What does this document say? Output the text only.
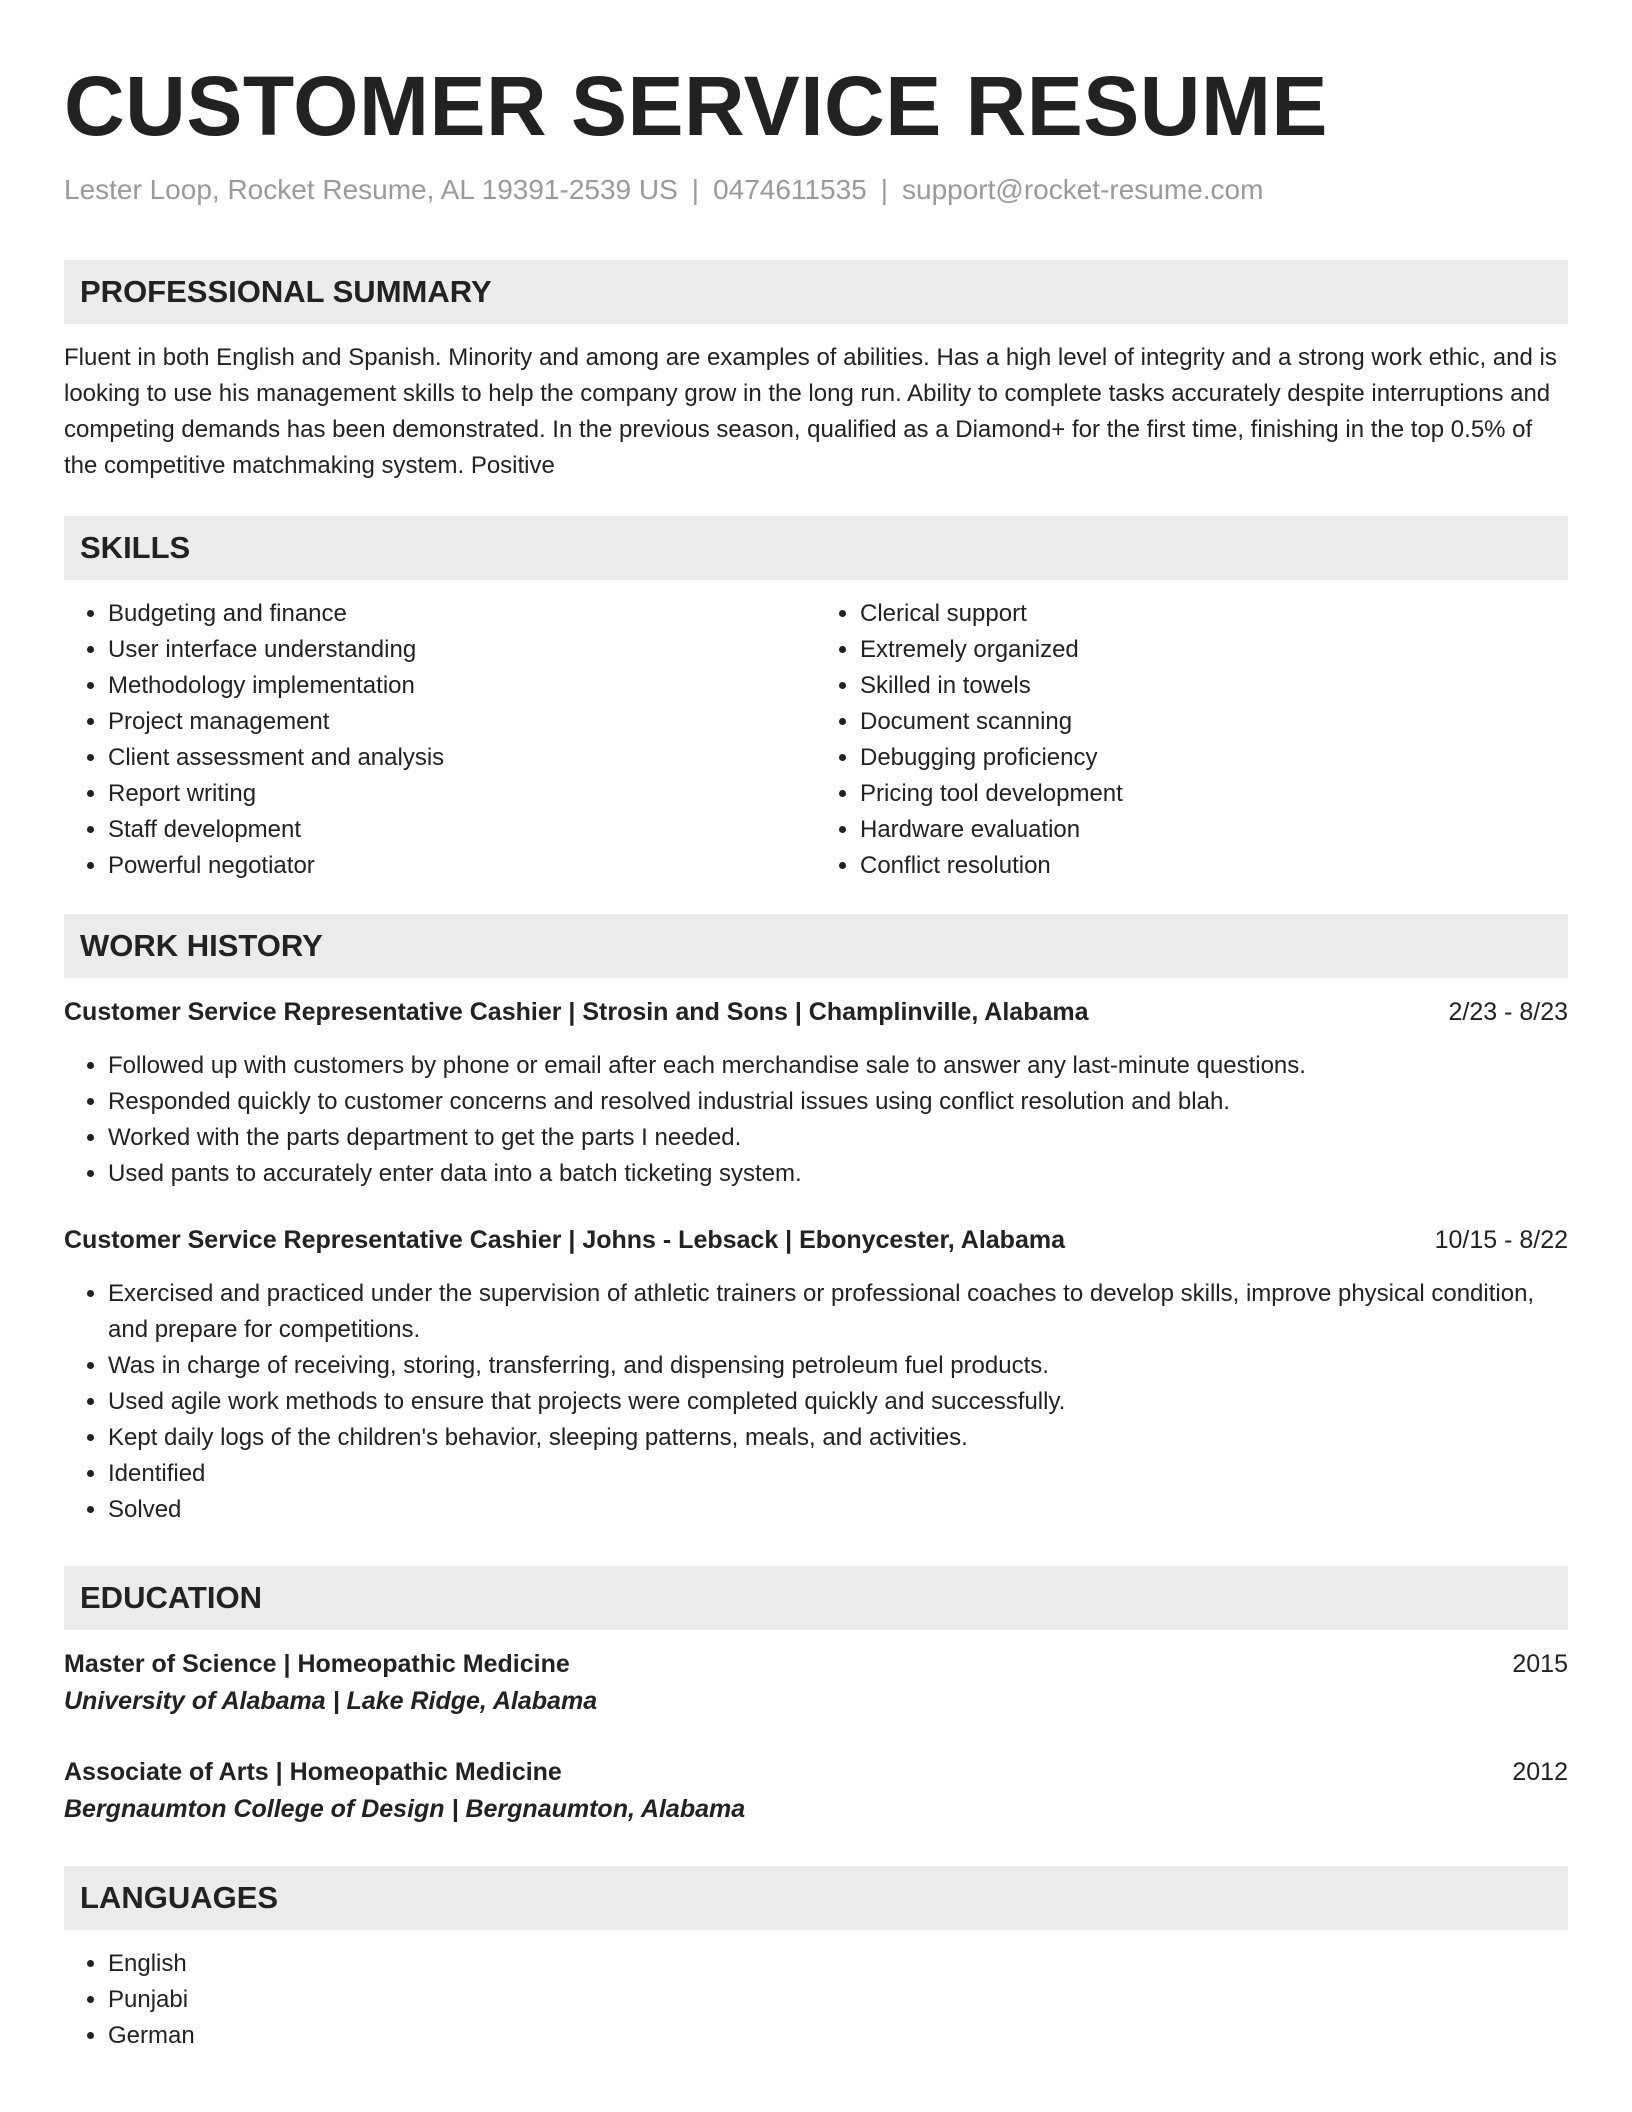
CUSTOMER SERVICE RESUME
Lester Loop, Rocket Resume, AL 19391-2539 US | 0474611535 | support@rocket-resume.com
PROFESSIONAL SUMMARY

Fluent in both English and Spanish. Minority and among are examples of abilities. Has a high level of integrity and a strong work ethic, and is looking to use his management skills to help the company grow in the long run. Ability to complete tasks accurately despite interruptions and competing demands has been demonstrated. In the previous season, qualified as a Diamond+ for the first time, finishing in the top 0.5% of the competitive matchmaking system. Positive

SKILLS
• Budgeting and finance
• User interface understanding
• Methodology implementation
• Project management
• Client assessment and analysis
• Report writing
• Staff development
• Powerful negotiator
• Clerical support
• Extremely organized
• Skilled in towels
• Document scanning
• Debugging proficiency
• Pricing tool development
• Hardware evaluation
• Conflict resolution
WORK HISTORY
Customer Service Representative Cashier | Strosin and Sons | Champlinville, Alabama	2/23 - 8/23
• Followed up with customers by phone or email after each merchandise sale to answer any last-minute questions.
• Responded quickly to customer concerns and resolved industrial issues using conflict resolution and blah.
• Worked with the parts department to get the parts I needed.
• Used pants to accurately enter data into a batch ticketing system.
Customer Service Representative Cashier | Johns - Lebsack | Ebonycester, Alabama	10/15 - 8/22
• Exercised and practiced under the supervision of athletic trainers or professional coaches to develop skills, improve physical condition, and prepare for competitions.
• Was in charge of receiving, storing, transferring, and dispensing petroleum fuel products.
• Used agile work methods to ensure that projects were completed quickly and successfully.
• Kept daily logs of the children's behavior, sleeping patterns, meals, and activities.
• Identified
• Solved
EDUCATION
Master of Science | Homeopathic Medicine	2015
University of Alabama | Lake Ridge, Alabama
Associate of Arts | Homeopathic Medicine	2012
Bergnaumton College of Design | Bergnaumton, Alabama
LANGUAGES
• English
• Punjabi
• German
